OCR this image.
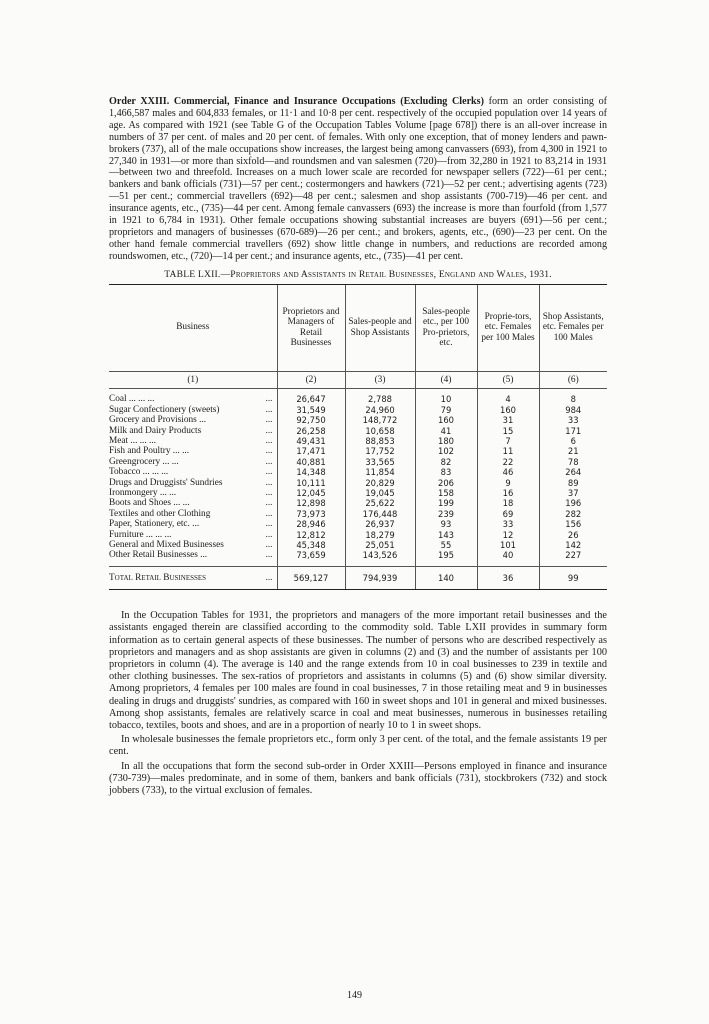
Order XXIII. Commercial, Finance and Insurance Occupations (Excluding Clerks) form an order consisting of 1,466,587 males and 604,833 females, or 11·1 and 10·8 per cent. respectively of the occupied population over 14 years of age. As compared with 1921 (see Table G of the Occupation Tables Volume [page 678]) there is an all-over increase in numbers of 37 per cent. of males and 20 per cent. of females. With only one exception, that of money lenders and pawn-brokers (737), all of the male occupations show increases, the largest being among canvassers (693), from 4,300 in 1921 to 27,340 in 1931—or more than sixfold—and roundsmen and van salesmen (720)—from 32,280 in 1921 to 83,214 in 1931—between two and threefold. Increases on a much lower scale are recorded for newspaper sellers (722)—61 per cent.; bankers and bank officials (731)—57 per cent.; costermongers and hawkers (721)—52 per cent.; advertising agents (723)—51 per cent.; commercial travellers (692)—48 per cent.; salesmen and shop assistants (700-719)—46 per cent. and insurance agents, etc., (735)—44 per cent. Among female canvassers (693) the increase is more than fourfold (from 1,577 in 1921 to 6,784 in 1931). Other female occupations showing substantial increases are buyers (691)—56 per cent.; proprietors and managers of businesses (670-689)—26 per cent.; and brokers, agents, etc., (690)—23 per cent. On the other hand female commercial travellers (692) show little change in numbers, and reductions are recorded among roundswomen, etc., (720)—14 per cent.; and insurance agents, etc., (735)—41 per cent.

TABLE LXII.—Proprietors and Assistants in Retail Businesses, England and Wales, 1931.
Business	Proprietors and Managers of Retail Businesses	Sales-people and Shop Assistants	Sales-people etc., per 100 Pro-prietors, etc.	Proprie-tors, etc. Females per 100 Males	Shop Assistants, etc. Females per 100 Males
(1)	(2)	(3)	(4)	(5)	(6)

Coal ... ... ... ...	26,647	2,788	10	4	8

Sugar Confectionery (sweets) ...	31,549	24,960	79	160	984

Grocery and Provisions ... ...	92,750	148,772	160	31	33

Milk and Dairy Products ...	26,258	10,658	41	15	171

Meat ... ... ... ...	49,431	88,853	180	7	6

Fish and Poultry ... ... ...	17,471	17,752	102	11	21

Greengrocery ... ... ...	40,881	33,565	82	22	78

Tobacco ... ... ... ...	14,348	11,854	83	46	264

Drugs and Druggists' Sundries ...	10,111	20,829	206	9	89

Ironmongery ... ... ...	12,045	19,045	158	16	37

Boots and Shoes ... ... ...	12,898	25,622	199	18	196

Textiles and other Clothing ...	73,973	176,448	239	69	282

Paper, Stationery, etc. ... ...	28,946	26,937	93	33	156

Furniture ... ... ... ...	12,812	18,279	143	12	26

General and Mixed Businesses ...	45,348	25,051	55	101	142

Other Retail Businesses ... ...	73,659	143,526	195	40	227

Total Retail Businesses ...	569,127	794,939	140	36	99

In the Occupation Tables for 1931, the proprietors and managers of the more important retail businesses and the assistants engaged therein are classified according to the commodity sold. Table LXII provides in summary form information as to certain general aspects of these businesses. The number of persons who are described respectively as proprietors and managers and as shop assistants are given in columns (2) and (3) and the number of assistants per 100 proprietors in column (4). The average is 140 and the range extends from 10 in coal businesses to 239 in textile and other clothing businesses. The sex-ratios of proprietors and assistants in columns (5) and (6) show similar diversity. Among proprietors, 4 females per 100 males are found in coal businesses, 7 in those retailing meat and 9 in businesses dealing in drugs and druggists' sundries, as compared with 160 in sweet shops and 101 in general and mixed businesses. Among shop assistants, females are relatively scarce in coal and meat businesses, numerous in businesses retailing tobacco, textiles, boots and shoes, and are in a proportion of nearly 10 to 1 in sweet shops.

In wholesale businesses the female proprietors etc., form only 3 per cent. of the total, and the female assistants 19 per cent.

In all the occupations that form the second sub-order in Order XXIII—Persons employed in finance and insurance (730-739)—males predominate, and in some of them, bankers and bank officials (731), stockbrokers (732) and stock jobbers (733), to the virtual exclusion of females.

149
